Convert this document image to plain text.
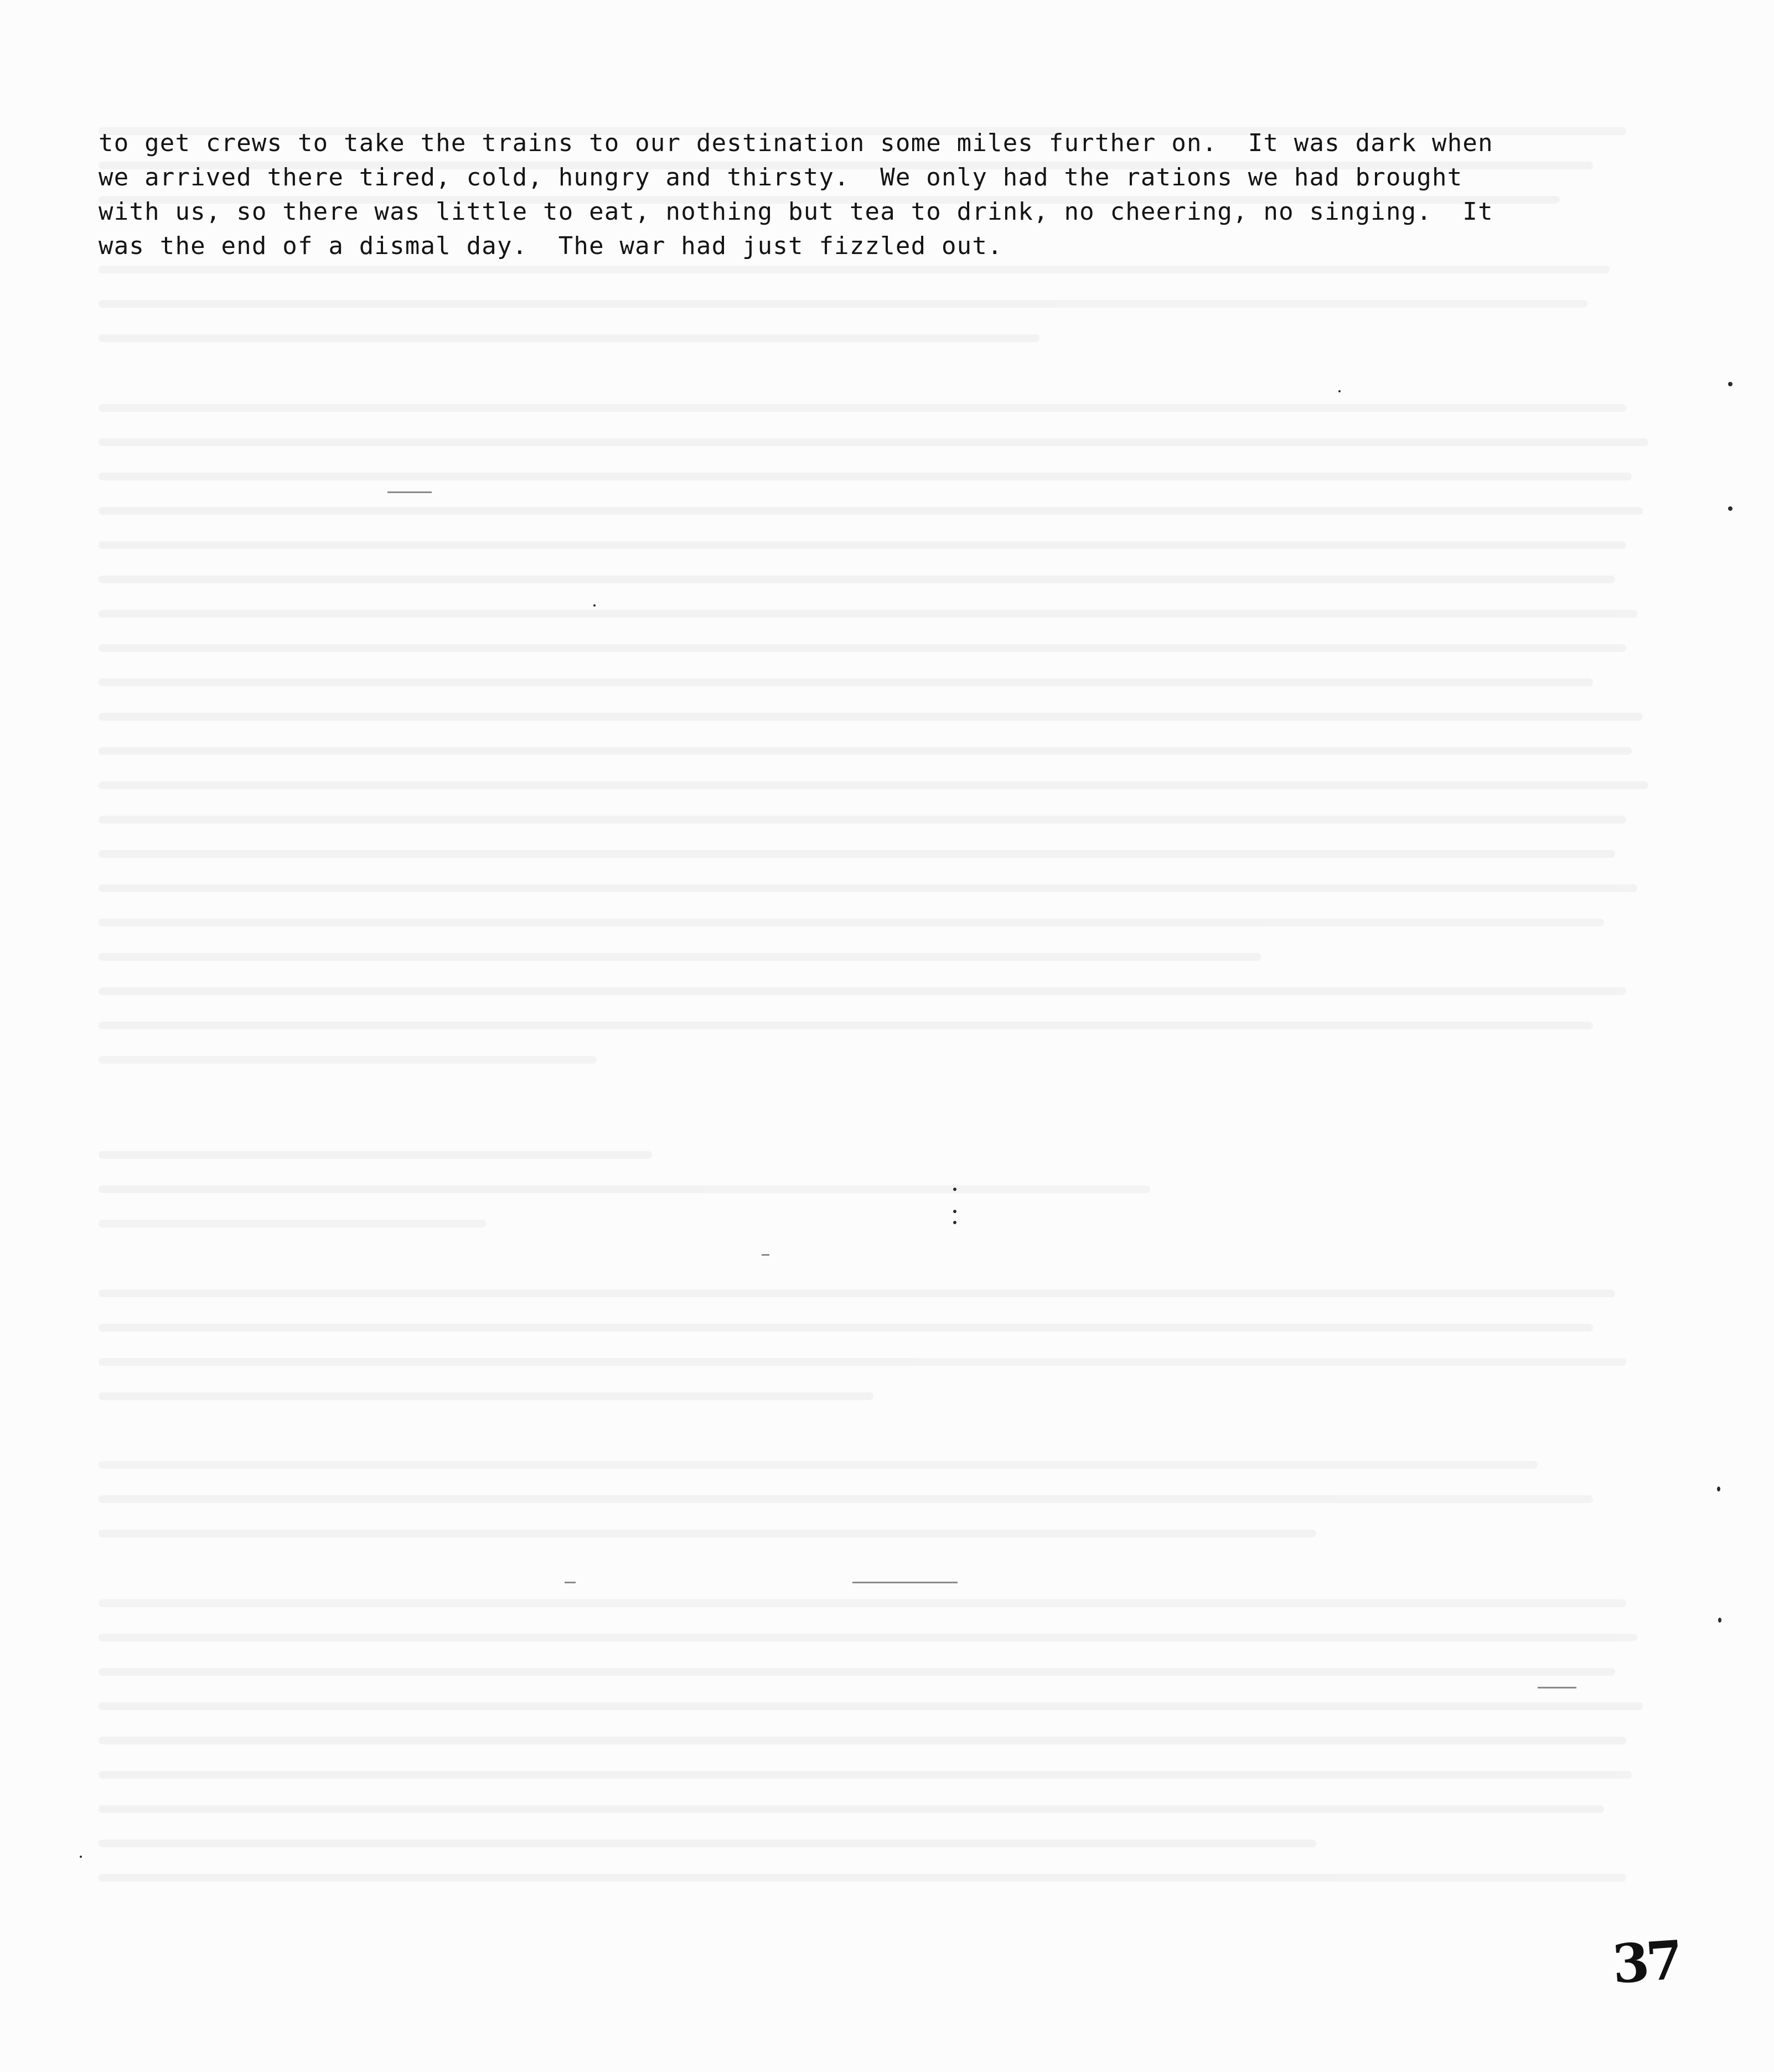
to get crews to take the trains to our destination some miles further on.  It was dark when
we arrived there tired, cold, hungry and thirsty.  We only had the rations we had brought
with us, so there was little to eat, nothing but tea to drink, no cheering, no singing.  It
was the end of a dismal day.  The war had just fizzled out.
37
